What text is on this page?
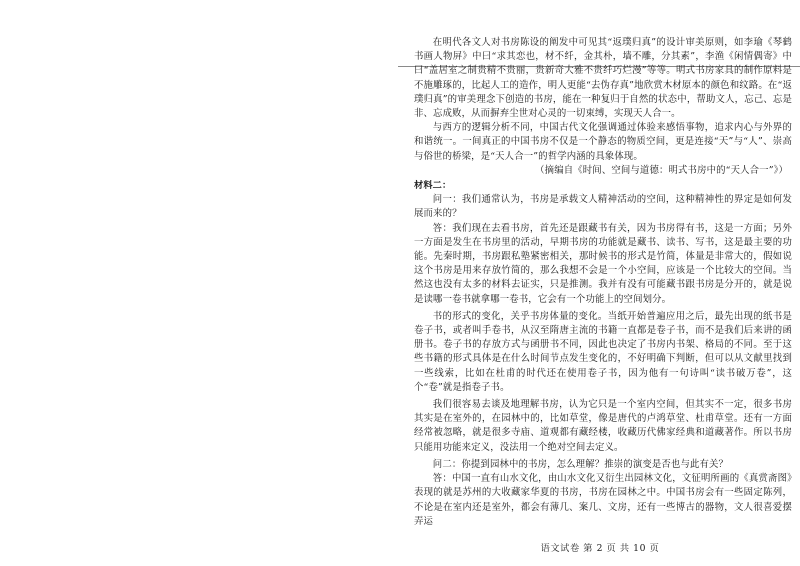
在明代各文人对书房陈设的阐发中可见其“返璞归真”的设计审美原则，如李瑜《琴鹤书画人物屏》中曰“求其恋也，材不纤，金其朴，墙不雕，分其素”，李渔《闲情偶寄》中曰“盖居室之制贵精不贵丽，贵新奇大雅不贵纤巧烂漫”等等。明式书房家具的制作原料是不施雕琢的，比起人工的造作，明人更能“去伪存真”地欣赏木材原本的颜色和纹路。在“返璞归真”的审美理念下创造的书房，能在一种复归于自然的状态中，帮助文人，忘己、忘是非、忘成败，从而摒弃尘世对心灵的一切束缚，实现天人合一。

与西方的逻辑分析不同，中国古代文化强调通过体验来感悟事物，追求内心与外界的和谐统一。一间真正的中国书房不仅是一个静态的物质空间，更是连接“天”与“人”、崇高与俗世的桥梁，是“天人合一”的哲学内涵的具象体现。

（摘编自《时间、空间与道德：明式书房中的“天人合一”》）

材料二：

问一：我们通常认为，书房是承载文人精神活动的空间，这种精神性的界定是如何发展而来的？

答：我们现在去看书房，首先还是跟藏书有关，因为书房得有书，这是一方面；另外一方面是发生在书房里的活动，早期书房的功能就是藏书、读书、写书，这是最主要的功能。先秦时期，书房跟私塾紧密相关，那时候书的形式是竹简，体量是非常大的，假如说这个书房是用来存放竹简的，那么我想不会是一个小空间，应该是一个比较大的空间。当然这也没有太多的材料去证实，只是推测。我并有没有可能藏书跟书房是分开的，就是说是读哪一卷书就拿哪一卷书，它会有一个功能上的空间划分。

书的形式的变化，关乎书房体量的变化。当纸开始普遍应用之后，最先出现的纸书是卷子书，或者叫手卷书，从汉至隋唐主流的书籍一直都是卷子书，而不是我们后来讲的函册书。卷子书的存放方式与函册书不同，因此也决定了书房内书架、格局的不同。至于这些书籍的形式具体是在什么时间节点发生变化的，不好明确下判断，但可以从文献里找到一些线索，比如在杜甫的时代还在使用卷子书，因为他有一句诗叫“读书破万卷”，这个“卷”就是指卷子书。

我们很容易去谈及地理解书房，认为它只是一个室内空间，但其实不一定，很多书房其实是在室外的，在园林中的，比如草堂，像是唐代的卢鸿草堂、杜甫草堂。还有一方面经常被忽略，就是很多寺庙、道观都有藏经楼，收藏历代佛家经典和道藏著作。所以书房只能用功能来定义，没法用一个绝对空间去定义。

问二：你提到园林中的书房，怎么理解？推崇的演变是否也与此有关？

答：中国一直有山水文化，由山水文化又衍生出园林文化，文征明所画的《真赏斋图》表现的就是苏州的大收藏家华夏的书房，书房在园林之中。中国书房会有一些固定陈列，不论是在室内还是室外，都会有薄几、案几、文房，还有一些博古的器物，文人很喜爱摆弄运

语文试卷 第 2 页 共 10 页
